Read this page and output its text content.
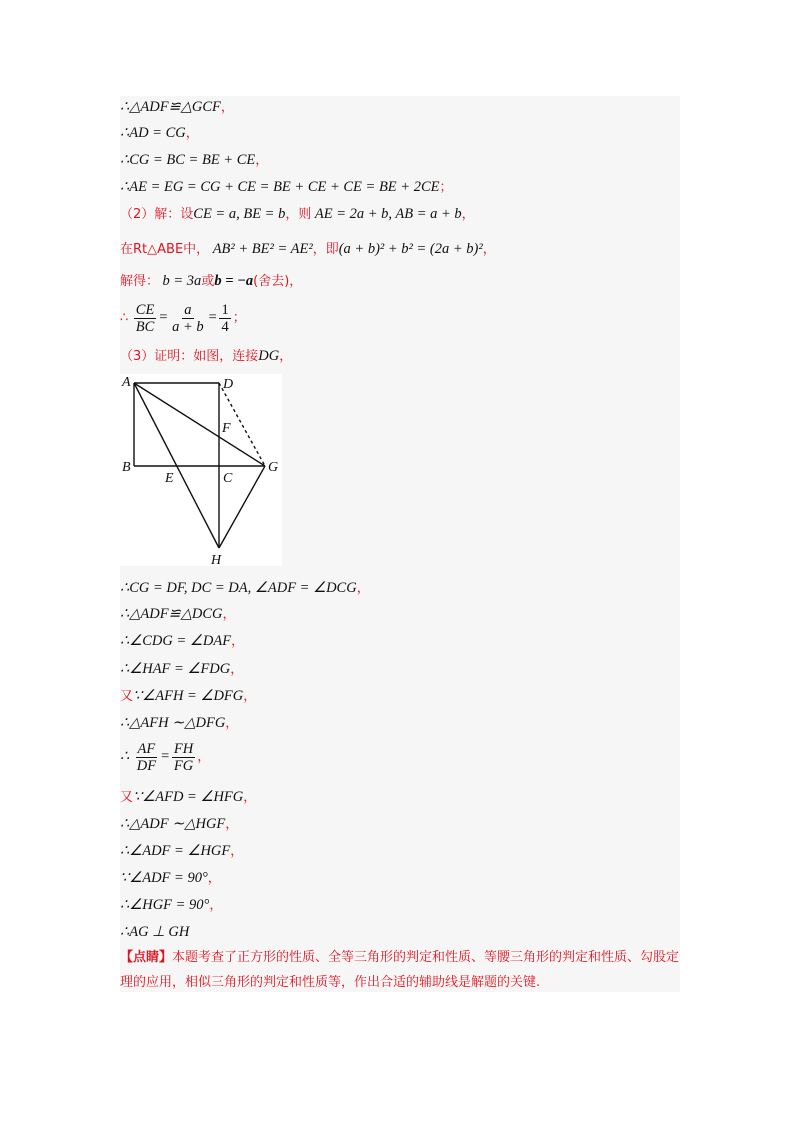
∴△ADF≌△GCF，
∴AD = CG，
∴CG = BC = BE + CE，
∴AE = EG = CG + CE = BE + CE + CE = BE + 2CE；
（2）解：设CE = a, BE = b，则 AE = 2a + b, AB = a + b，
在Rt△ABE中， AB² + BE² = AE²，即(a + b)² + b² = (2a + b)²，
解得： b = 3a或b = −a(舍去)，
∴ $\frac{CE}{BC} = \frac{a}{a + b} = \frac{1}{4}$ ；
（3）证明：如图，连接DG，
A	D
F
B
E	C
G
H
∴CG = DF, DC = DA, ∠ADF = ∠DCG，
∴△ADF≌△DCG，
∴∠CDG = ∠DAF，
∴∠HAF = ∠FDG，
又∵∠AFH = ∠DFG，
∴△AFH ∼△DFG，
∴ $\frac{AF}{DF} = \frac{FH}{FG}$ ，
又∵∠AFD = ∠HFG，
∴△ADF ∼△HGF，
∴∠ADF = ∠HGF，
∵∠ADF = 90°，
∴∠HGF = 90°，
∴AG ⊥ GH
【点睛】本题考查了正方形的性质、全等三角形的判定和性质、等腰三角形的判定和性质、勾股定理的应用，相似三角形的判定和性质等，作出合适的辅助线是解题的关键.
